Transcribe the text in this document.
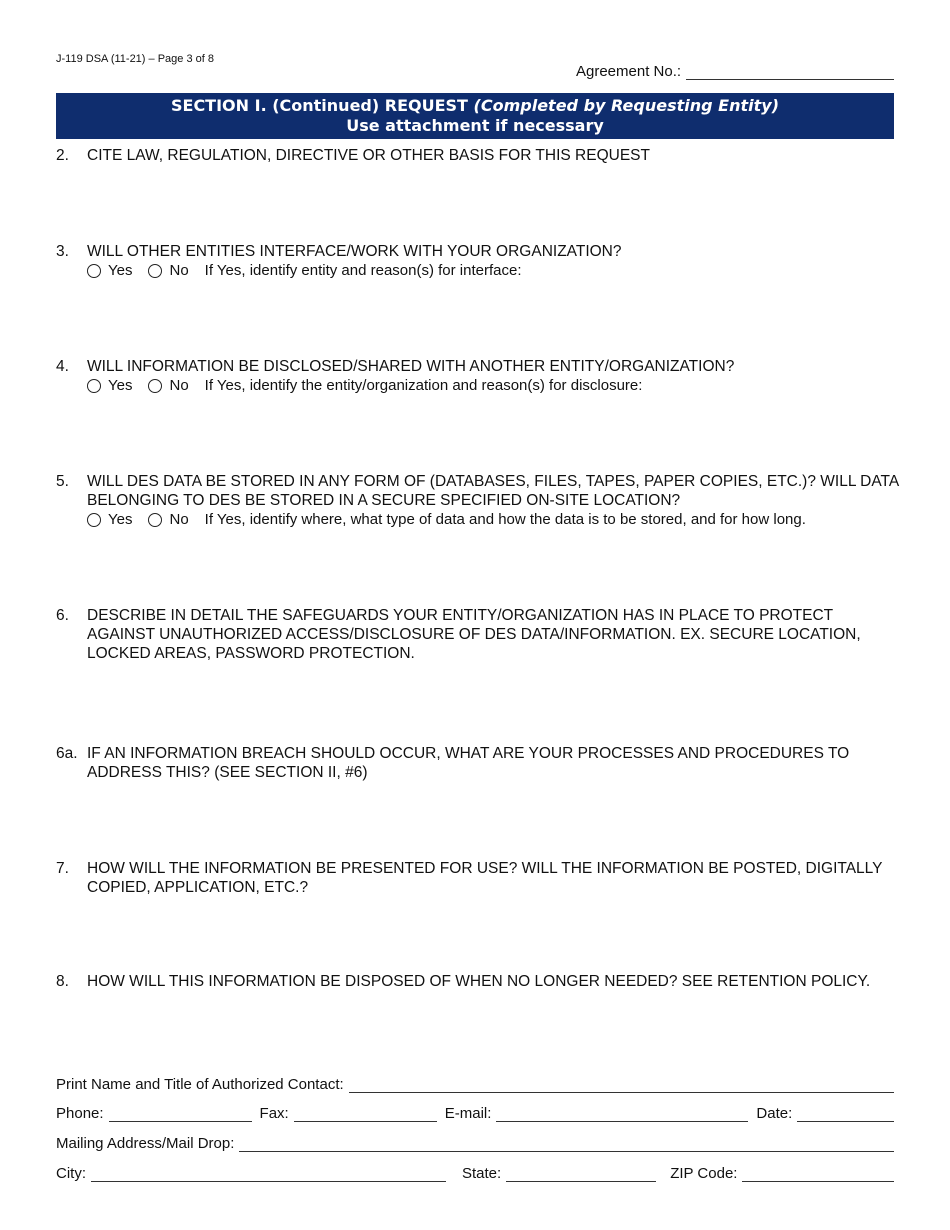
J-119 DSA (11-21) – Page 3 of 8
Agreement No.:
SECTION I. (Continued) REQUEST (Completed by Requesting Entity)
Use attachment if necessary
2. CITE LAW, REGULATION, DIRECTIVE OR OTHER BASIS FOR THIS REQUEST
3. WILL OTHER ENTITIES INTERFACE/WORK WITH YOUR ORGANIZATION?
Yes No If Yes, identify entity and reason(s) for interface:
4. WILL INFORMATION BE DISCLOSED/SHARED WITH ANOTHER ENTITY/ORGANIZATION?
Yes No If Yes, identify the entity/organization and reason(s) for disclosure:
5. WILL DES DATA BE STORED IN ANY FORM OF (DATABASES, FILES, TAPES, PAPER COPIES, ETC.)? WILL DATA BELONGING TO DES BE STORED IN A SECURE SPECIFIED ON-SITE LOCATION?
Yes No If Yes, identify where, what type of data and how the data is to be stored, and for how long.
6. DESCRIBE IN DETAIL THE SAFEGUARDS YOUR ENTITY/ORGANIZATION HAS IN PLACE TO PROTECT AGAINST UNAUTHORIZED ACCESS/DISCLOSURE OF DES DATA/INFORMATION. EX. SECURE LOCATION, LOCKED AREAS, PASSWORD PROTECTION.
6a. IF AN INFORMATION BREACH SHOULD OCCUR, WHAT ARE YOUR PROCESSES AND PROCEDURES TO ADDRESS THIS? (SEE SECTION II, #6)
7. HOW WILL THE INFORMATION BE PRESENTED FOR USE? WILL THE INFORMATION BE POSTED, DIGITALLY COPIED, APPLICATION, ETC.?
8. HOW WILL THIS INFORMATION BE DISPOSED OF WHEN NO LONGER NEEDED? SEE RETENTION POLICY.
Print Name and Title of Authorized Contact:
Phone:	Fax:	E-mail:	Date:
Mailing Address/Mail Drop:
City:	State:	ZIP Code:
